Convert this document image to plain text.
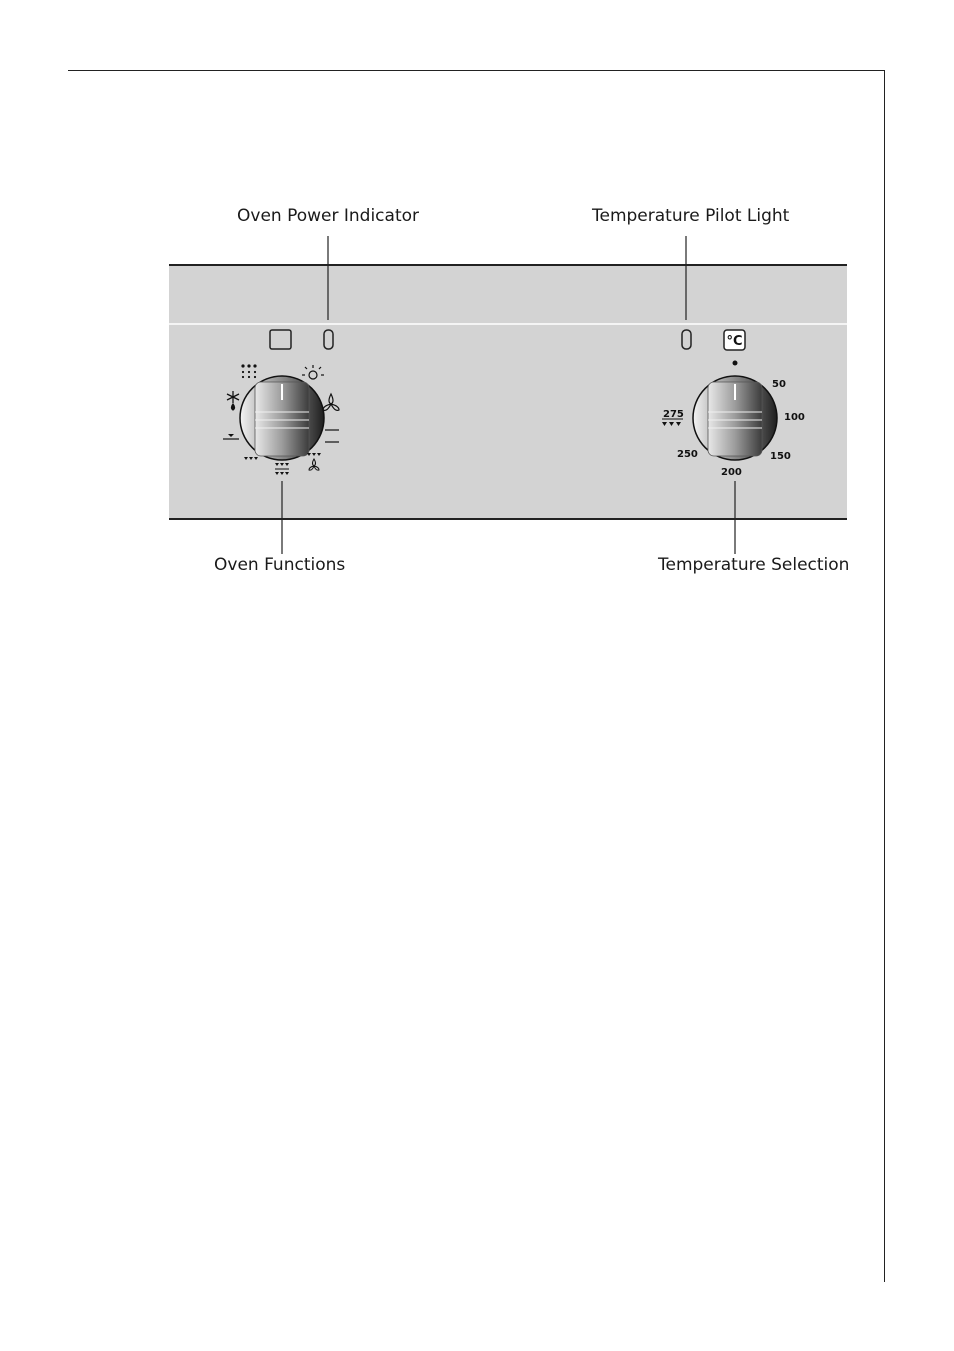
Oven Power Indicator	Temperature Pilot Light
Oven Functions	Temperature Selection
°C
50
100
150
200
250
275
